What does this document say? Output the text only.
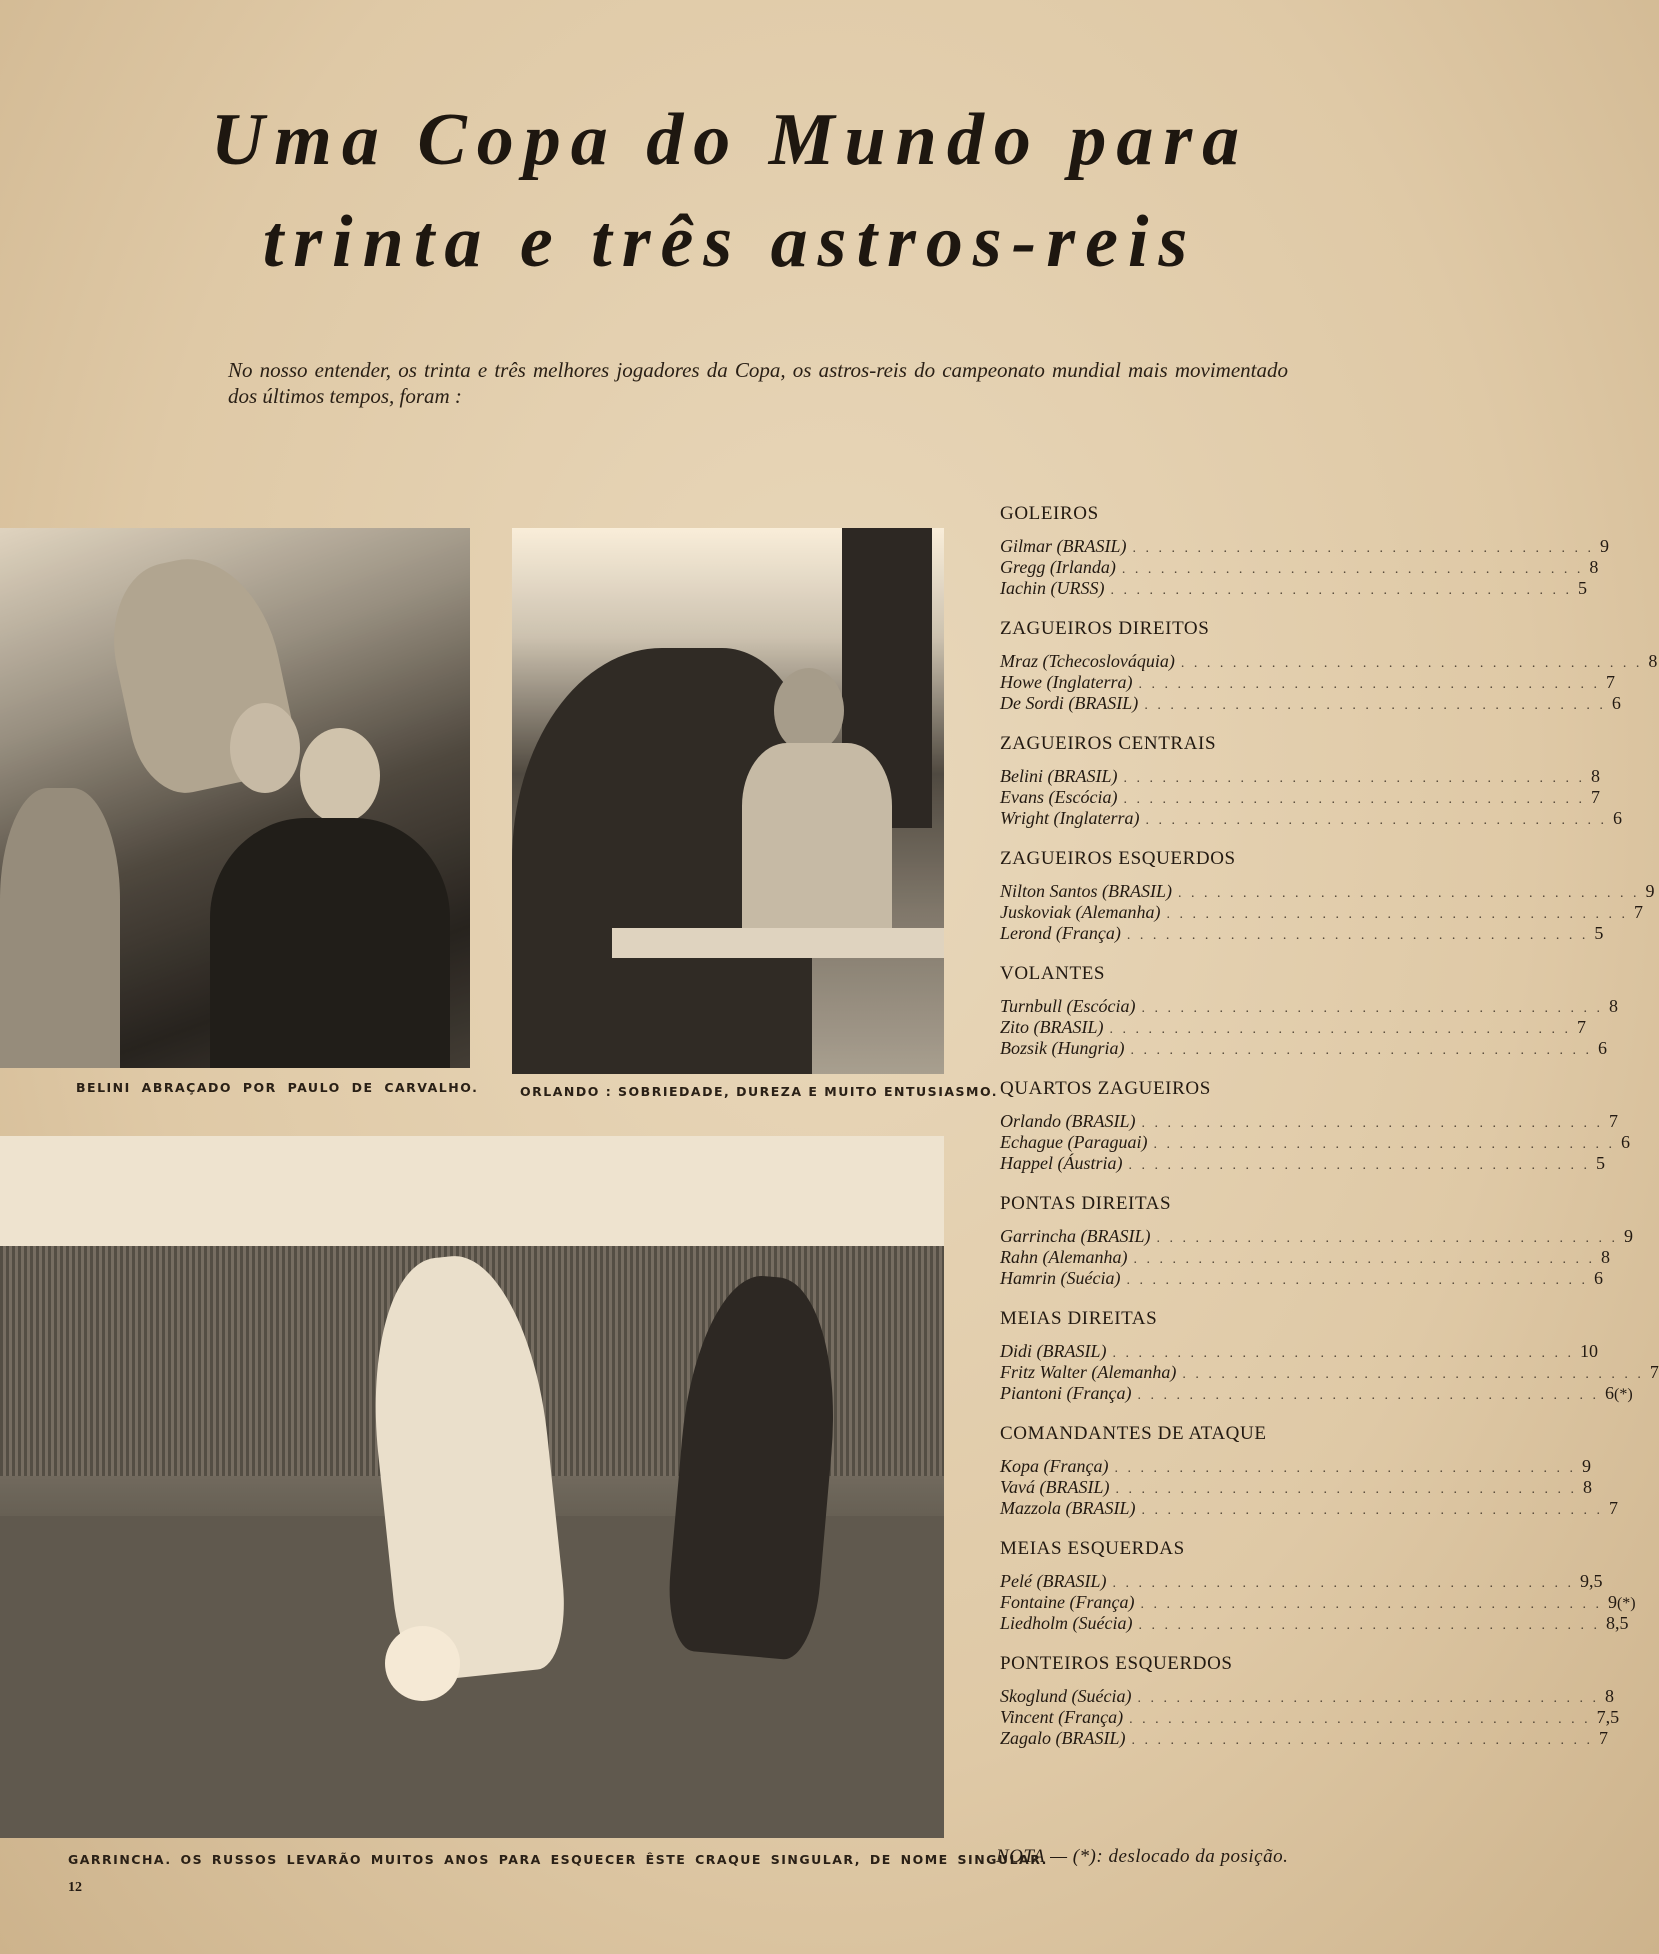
Uma Copa do Mundo para
trinta e três astros-reis

No nosso entender, os trinta e três melhores jogadores da Copa, os astros-reis do campeonato mundial mais movimentado dos últimos tempos, foram :

BELINI ABRAÇADO POR PAULO DE CARVALHO.	ORLANDO : SOBRIEDADE, DUREZA E MUITO ENTUSIASMO.
GARRINCHA. OS RUSSOS LEVARÃO MUITOS ANOS PARA ESQUECER ÊSTE CRAQUE SINGULAR, DE NOME SINGULAR.
12
GOLEIROS
Gilmar (BRASIL) . . . . . . . . . . . . . . . . . . . . . . . . . . . . . . . . . . . . 9
Gregg (Irlanda) . . . . . . . . . . . . . . . . . . . . . . . . . . . . . . . . . . . . 8
Iachin (URSS) . . . . . . . . . . . . . . . . . . . . . . . . . . . . . . . . . . . . 5
ZAGUEIROS DIREITOS
Mraz (Tchecoslováquia) . . . . . . . . . . . . . . . . . . . . . . . . . . . . . . . . . . . . 8
Howe (Inglaterra) . . . . . . . . . . . . . . . . . . . . . . . . . . . . . . . . . . . . 7
De Sordi (BRASIL) . . . . . . . . . . . . . . . . . . . . . . . . . . . . . . . . . . . . 6
ZAGUEIROS CENTRAIS
Belini (BRASIL) . . . . . . . . . . . . . . . . . . . . . . . . . . . . . . . . . . . . 8
Evans (Escócia) . . . . . . . . . . . . . . . . . . . . . . . . . . . . . . . . . . . . 7
Wright (Inglaterra) . . . . . . . . . . . . . . . . . . . . . . . . . . . . . . . . . . . . 6
ZAGUEIROS ESQUERDOS
Nilton Santos (BRASIL) . . . . . . . . . . . . . . . . . . . . . . . . . . . . . . . . . . . . 9
Juskoviak (Alemanha) . . . . . . . . . . . . . . . . . . . . . . . . . . . . . . . . . . . . 7
Lerond (França) . . . . . . . . . . . . . . . . . . . . . . . . . . . . . . . . . . . . 5
VOLANTES
Turnbull (Escócia) . . . . . . . . . . . . . . . . . . . . . . . . . . . . . . . . . . . . 8
Zito (BRASIL) . . . . . . . . . . . . . . . . . . . . . . . . . . . . . . . . . . . . 7
Bozsik (Hungria) . . . . . . . . . . . . . . . . . . . . . . . . . . . . . . . . . . . . 6
QUARTOS ZAGUEIROS
Orlando (BRASIL) . . . . . . . . . . . . . . . . . . . . . . . . . . . . . . . . . . . . 7
Echague (Paraguai) . . . . . . . . . . . . . . . . . . . . . . . . . . . . . . . . . . . . 6
Happel (Áustria) . . . . . . . . . . . . . . . . . . . . . . . . . . . . . . . . . . . . 5
PONTAS DIREITAS
Garrincha (BRASIL) . . . . . . . . . . . . . . . . . . . . . . . . . . . . . . . . . . . . 9
Rahn (Alemanha) . . . . . . . . . . . . . . . . . . . . . . . . . . . . . . . . . . . . 8
Hamrin (Suécia) . . . . . . . . . . . . . . . . . . . . . . . . . . . . . . . . . . . . 6
MEIAS DIREITAS
Didi (BRASIL) . . . . . . . . . . . . . . . . . . . . . . . . . . . . . . . . . . . . 10
Fritz Walter (Alemanha) . . . . . . . . . . . . . . . . . . . . . . . . . . . . . . . . . . . . 7
Piantoni (França) . . . . . . . . . . . . . . . . . . . . . . . . . . . . . . . . . . . . 6 (*)
COMANDANTES DE ATAQUE
Kopa (França) . . . . . . . . . . . . . . . . . . . . . . . . . . . . . . . . . . . . 9
Vavá (BRASIL) . . . . . . . . . . . . . . . . . . . . . . . . . . . . . . . . . . . . 8
Mazzola (BRASIL) . . . . . . . . . . . . . . . . . . . . . . . . . . . . . . . . . . . . 7
MEIAS ESQUERDAS
Pelé (BRASIL) . . . . . . . . . . . . . . . . . . . . . . . . . . . . . . . . . . . . 9,5
Fontaine (França) . . . . . . . . . . . . . . . . . . . . . . . . . . . . . . . . . . . . 9 (*)
Liedholm (Suécia) . . . . . . . . . . . . . . . . . . . . . . . . . . . . . . . . . . . . 8,5
PONTEIROS ESQUERDOS
Skoglund (Suécia) . . . . . . . . . . . . . . . . . . . . . . . . . . . . . . . . . . . . 8
Vincent (França) . . . . . . . . . . . . . . . . . . . . . . . . . . . . . . . . . . . . 7,5
Zagalo (BRASIL) . . . . . . . . . . . . . . . . . . . . . . . . . . . . . . . . . . . . 7
NOTA — (*): deslocado da posição.
